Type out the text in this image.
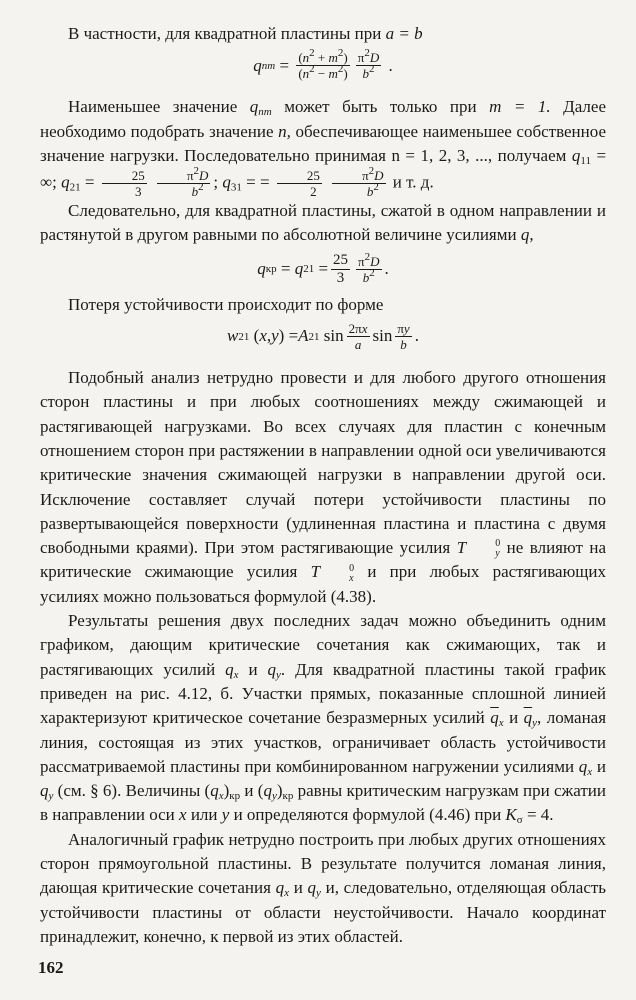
В частности, для квадратной пластины при a = b

q nm = $\frac{(n^2 + m^2)}{(n^2 - m^2)} \frac{\pi^2D}{b^2}$ .

Наименьшее значение $q_{nm}$ может быть только при m = 1. Далее необходимо подобрать значение n, обеспечивающее наименьшее собственное значение нагрузки. Последовательно принимая n = 1, 2, 3, ..., получаем $q_{11}$ = ∞; $q_{21} = \frac{25}{3}$
$\frac{\pi^2D}{b^2}$ ; $q_{31}$ = = $\frac{25}{2}$
$\frac{\pi^2D}{b^2}$ и т. д.

Следовательно, для квадратной пластины, сжатой в одном направлении и растянутой в другом равными по абсолютной величине усилиями q,

q кр = q $21 = \frac{25}{3} \frac{\pi^2D}{b^2}$ .

Потеря устойчивости происходит по форме

w 21 ( x , y ) = A 21 $\sin \frac{2\pi x}{a}$ $\sin \frac{\pi y}{b}$ .

Подобный анализ нетрудно провести и для любого другого отношения сторон пластины и при любых соотношениях между сжимающей и растягивающей нагрузками. Во всех случаях для пластин с конечным отношением сторон при растяжении в направлении одной оси увеличиваются критические значения сжимающей нагрузки в направлении другой оси. Исключение составляет случай потери устойчивости пластины по развертывающейся поверхности (удлиненная пластина и пластина с двумя свободными краями). При этом растягивающие усилия T	0
y не влияют на критические сжимающие усилия T	0
x и при любых растягивающих усилиях можно пользоваться формулой (4.38).

Результаты решения двух последних задач можно объединить одним графиком, дающим критические сочетания как сжимающих, так и растягивающих усилий $q_x$ и $q_y$. Для квадратной пластины такой график приведен на рис. 4.12, б. Участки прямых, показанные сплошной линией характеризуют критическое сочетание безразмерных усилий $\overline{q}_x$ и $\overline{q}_y$, ломаная линия, состоящая из этих участков, ограничивает область устойчивости рассматриваемой пластины при комбинированном нагружении усилиями $q_x$ и $q_y$ (см. § 6). Величины $(q_x)_{кр}$ и $(q_y)_{кр}$ равны критическим нагрузкам при сжатии в направлении оси x или y и определяются формулой (4.46) при $K_\sigma = 4$.

Аналогичный график нетрудно построить при любых других отношениях сторон прямоугольной пластины. В результате получится ломаная линия, дающая критические сочетания $q_x$ и $q_y$ и, следовательно, отделяющая область устойчивости пластины от области неустойчивости. Начало координат принадлежит, конечно, к первой из этих областей.

162
